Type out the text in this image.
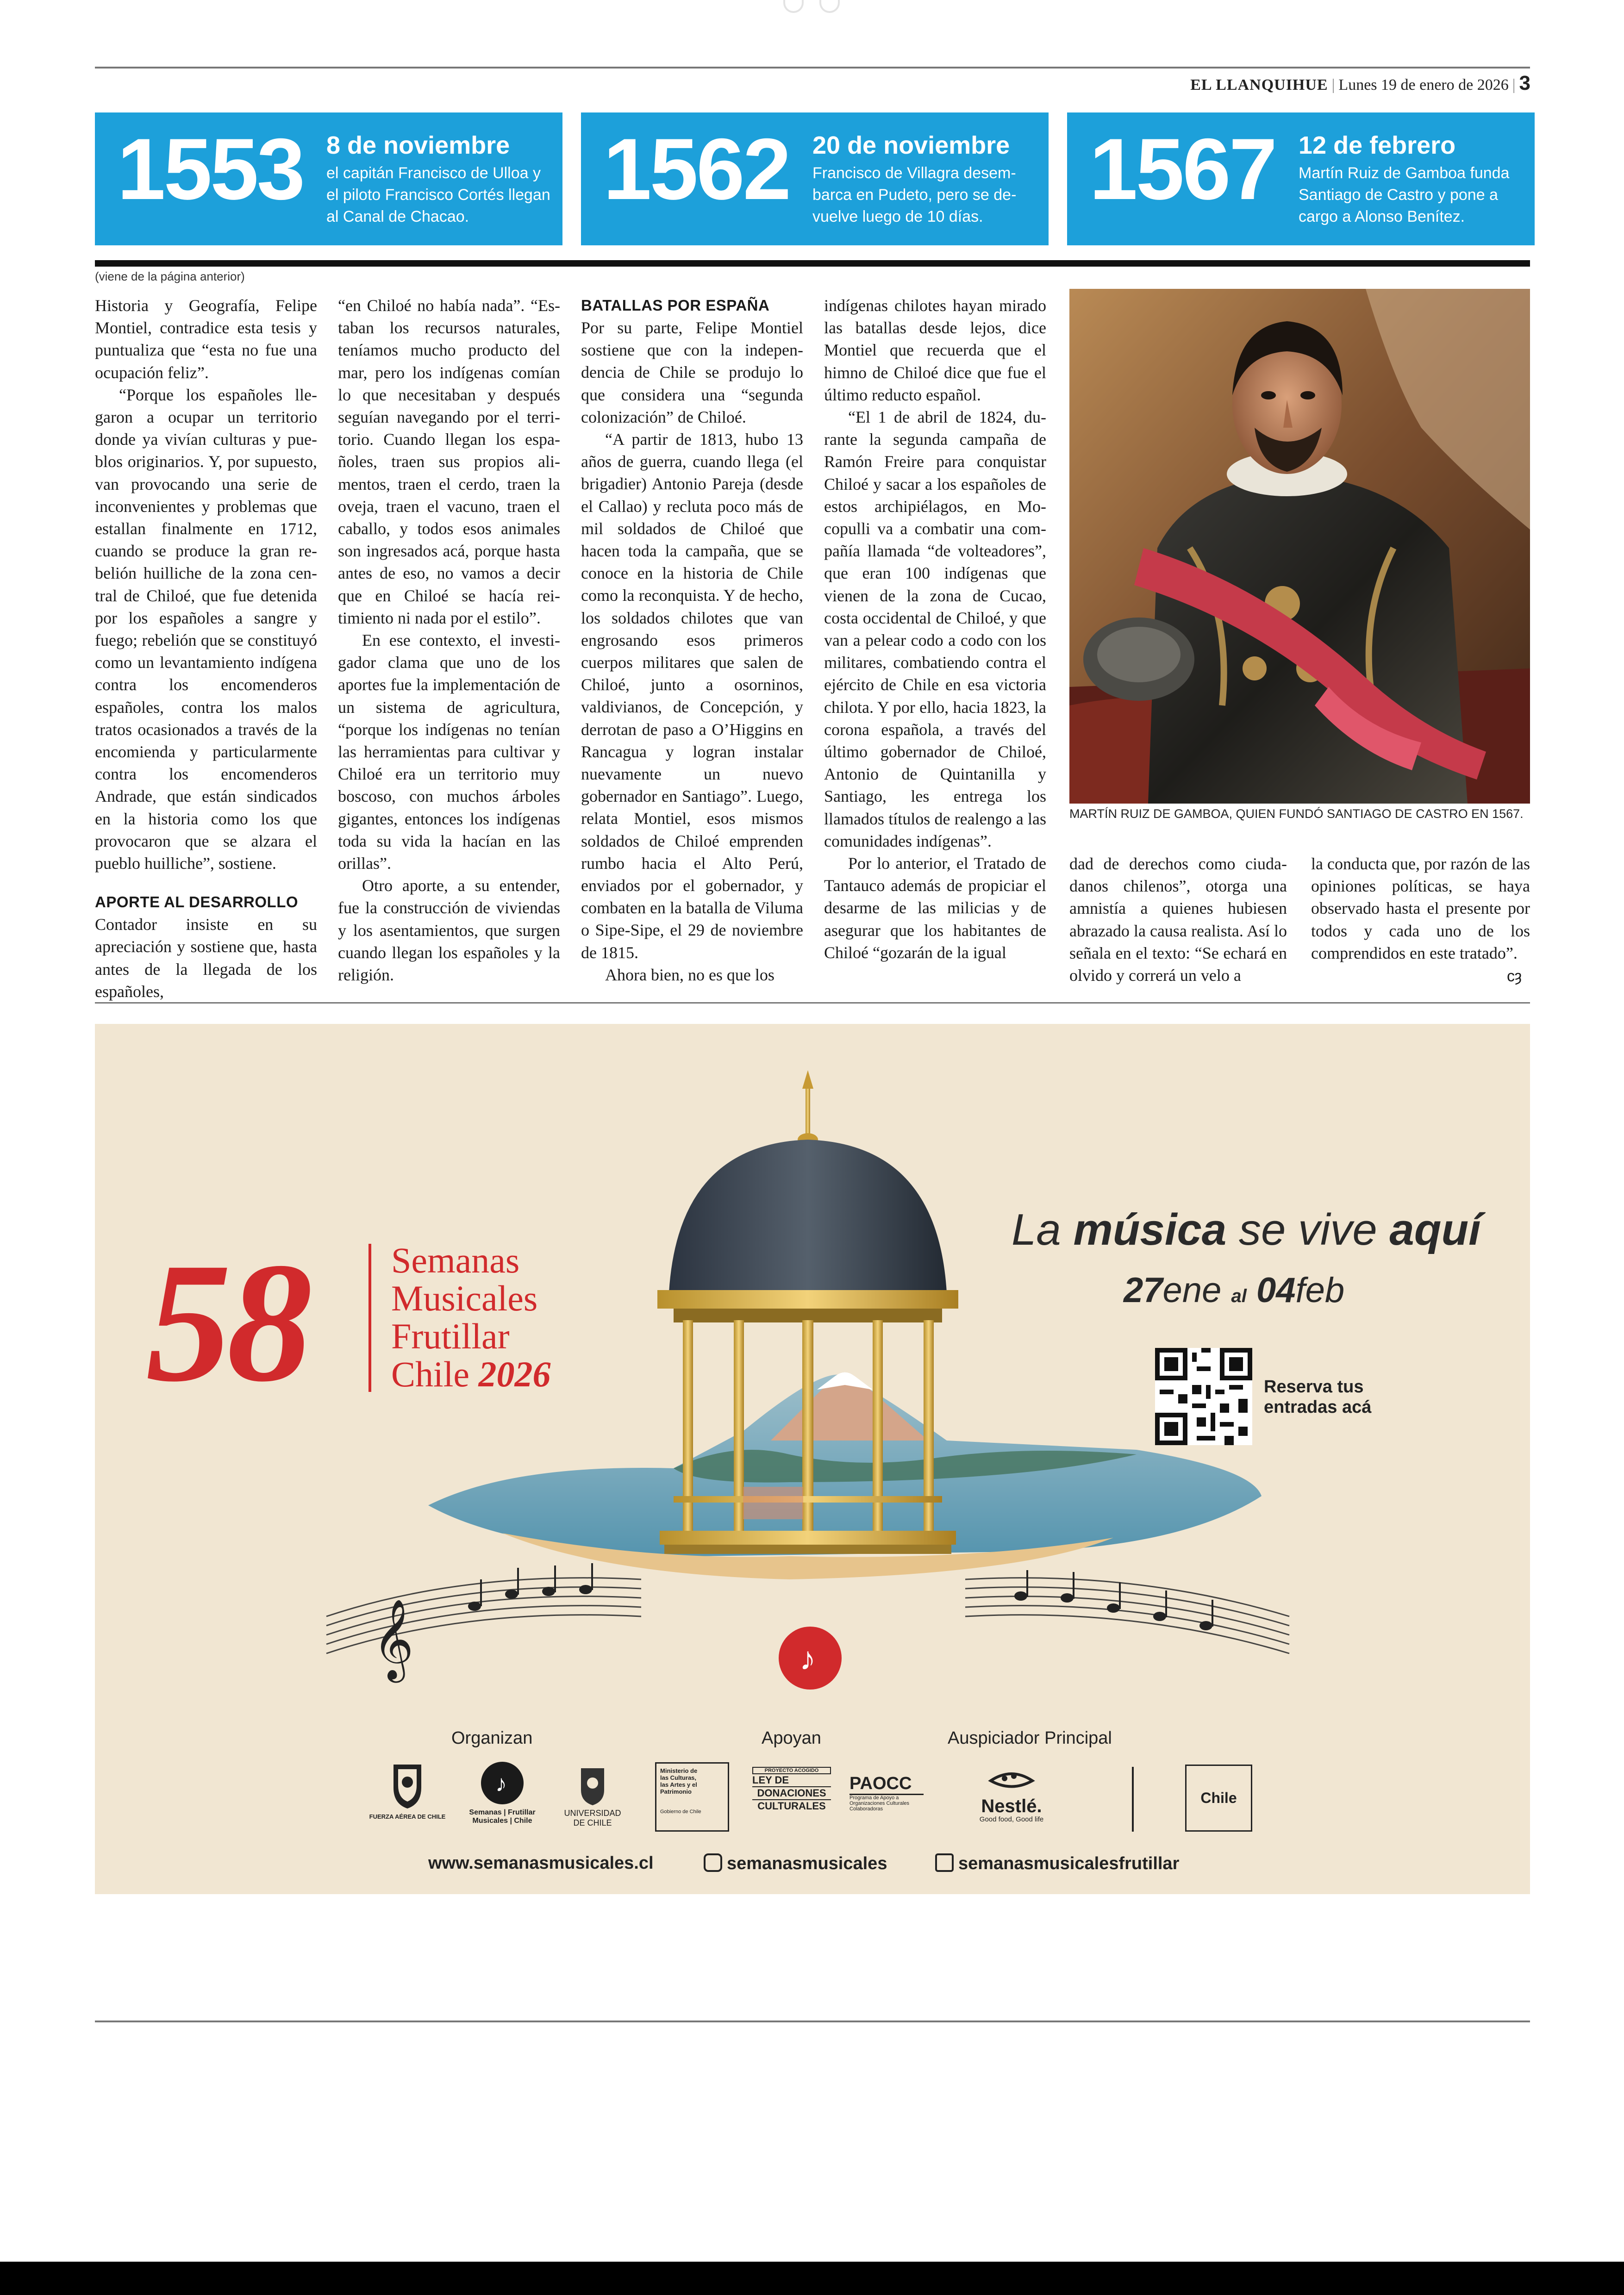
EL LLANQUIHUE | Lunes 19 de enero de 2026 | 3
1553 8 de noviembre
el capitán Francisco de Ulloa y el piloto Francisco Cortés llegan al Canal de Chacao.	1562 20 de noviembre
Francisco de Villagra desembarca en Pudeto, pero se devuelve luego de 10 días.	1567 12 de febrero
Martín Ruiz de Gamboa funda Santiago de Castro y pone a cargo a Alonso Benítez.
(viene de la página anterior)

Historia y Geografía, Felipe Montiel, contradice esta tesis y puntualiza que “esta no fue una ocupación feliz”.

“Porque los españoles llegaron a ocupar un territorio donde ya vivían culturas y pueblos originarios. Y, por supuesto, van provocando una serie de inconvenientes y problemas que estallan finalmente en 1712, cuando se produce la gran rebelión huilliche de la zona central de Chiloé, que fue detenida por los españoles a sangre y fuego; rebelión que se constituyó como un levantamiento indígena contra los encomenderos españoles, contra los malos tratos ocasionados a través de la encomienda y particularmente contra los encomenderos Andrade, que están sindicados en la historia como los que provocaron que se alzara el pueblo huilliche”, sostiene.

APORTE AL DESARROLLO

Contador insiste en su apreciación y sostiene que, hasta antes de la llegada de los españoles,

“en Chiloé no había nada”. “Estaban los recursos naturales, teníamos mucho producto del mar, pero los indígenas comían lo que necesitaban y después seguían navegando por el territorio. Cuando llegan los españoles, traen sus propios alimentos, traen el cerdo, traen la oveja, traen el vacuno, traen el caballo, y todos esos animales son ingresados acá, porque hasta antes de eso, no vamos a decir que en Chiloé se hacía reitimiento ni nada por el estilo”.

En ese contexto, el investigador clama que uno de los aportes fue la implementación de un sistema de agricultura, “porque los indígenas no tenían las herramientas para cultivar y Chiloé era un territorio muy boscoso, con muchos árboles gigantes, entonces los indígenas toda su vida la hacían en las orillas”.

Otro aporte, a su entender, fue la construcción de viviendas y los asentamientos, que surgen cuando llegan los españoles y la religión.

BATALLAS POR ESPAÑA

Por su parte, Felipe Montiel sostiene que con la independencia de Chile se produjo lo que considera una “segunda colonización” de Chiloé.

“A partir de 1813, hubo 13 años de guerra, cuando llega (el brigadier) Antonio Pareja (desde el Callao) y recluta poco más de mil soldados de Chiloé que hacen toda la campaña, que se conoce en la historia de Chile como la reconquista. Y de hecho, los soldados chilotes que van engrosando esos primeros cuerpos militares que salen de Chiloé, junto a osorninos, valdivianos, de Concepción, y derrotan de paso a O’Higgins en Rancagua y logran instalar nuevamente un nuevo gobernador en Santiago”. Luego, relata Montiel, esos mismos soldados de Chiloé emprenden rumbo hacia el Alto Perú, enviados por el gobernador, y combaten en la batalla de Viluma o Sipe-Sipe, el 29 de noviembre de 1815.

Ahora bien, no es que los

indígenas chilotes hayan mirado las batallas desde lejos, dice Montiel que recuerda que el himno de Chiloé dice que fue el último reducto español.

“El 1 de abril de 1824, durante la segunda campaña de Ramón Freire para conquistar Chiloé y sacar a los españoles de estos archipiélagos, en Mocopulli va a combatir una compañía llamada “de volteadores”, que eran 100 indígenas que vienen de la zona de Cucao, costa occidental de Chiloé, y que van a pelear codo a codo con los militares, combatiendo contra el ejército de Chile en esa victoria chilota. Y por ello, hacia 1823, la corona española, a través del último gobernador de Chiloé, Antonio de Quintanilla y Santiago, les entrega los llamados títulos de realengo a las comunidades indígenas”.

Por lo anterior, el Tratado de Tantauco además de propiciar el desarme de las milicias y de asegurar que los habitantes de Chiloé “gozarán de la igual

dad de derechos como ciudadanos chilenos”, otorga una amnistía a quienes hubiesen abrazado la causa realista. Así lo señala en el texto: “Se echará en olvido y correrá un velo a

la conducta que, por razón de las opiniones políticas, se haya observado hasta el presente por todos y cada uno de los comprendidos en este tratado”.

ᴄȝ
MARTÍN RUIZ DE GAMBOA, QUIEN FUNDÓ SANTIAGO DE CASTRO EN 1567.
𝄞	♪
58 Semanas
Musicales
Frutillar
Chile 2026
La música se vive aquí
27ene al 04feb
Reserva tus
entradas acá
Organizan	Apoyan	Auspiciador Principal
FUERZA AÉREA DE CHILE
♪
Semanas | Frutillar
Musicales | Chile
UNIVERSIDAD
DE CHILE
Ministerio de
las Culturas,
las Artes y el
Patrimonio
Gobierno de Chile
PROYECTO ACOGIDO
LEY DE
DONACIONES
CULTURALES
PAOCC
Programa de Apoyo a
Organizaciones Culturales
Colaboradoras	Nestlé.
Good food, Good life
Chile
www.semanasmusicales.cl	semanasmusicales	semanasmusicalesfrutillar
